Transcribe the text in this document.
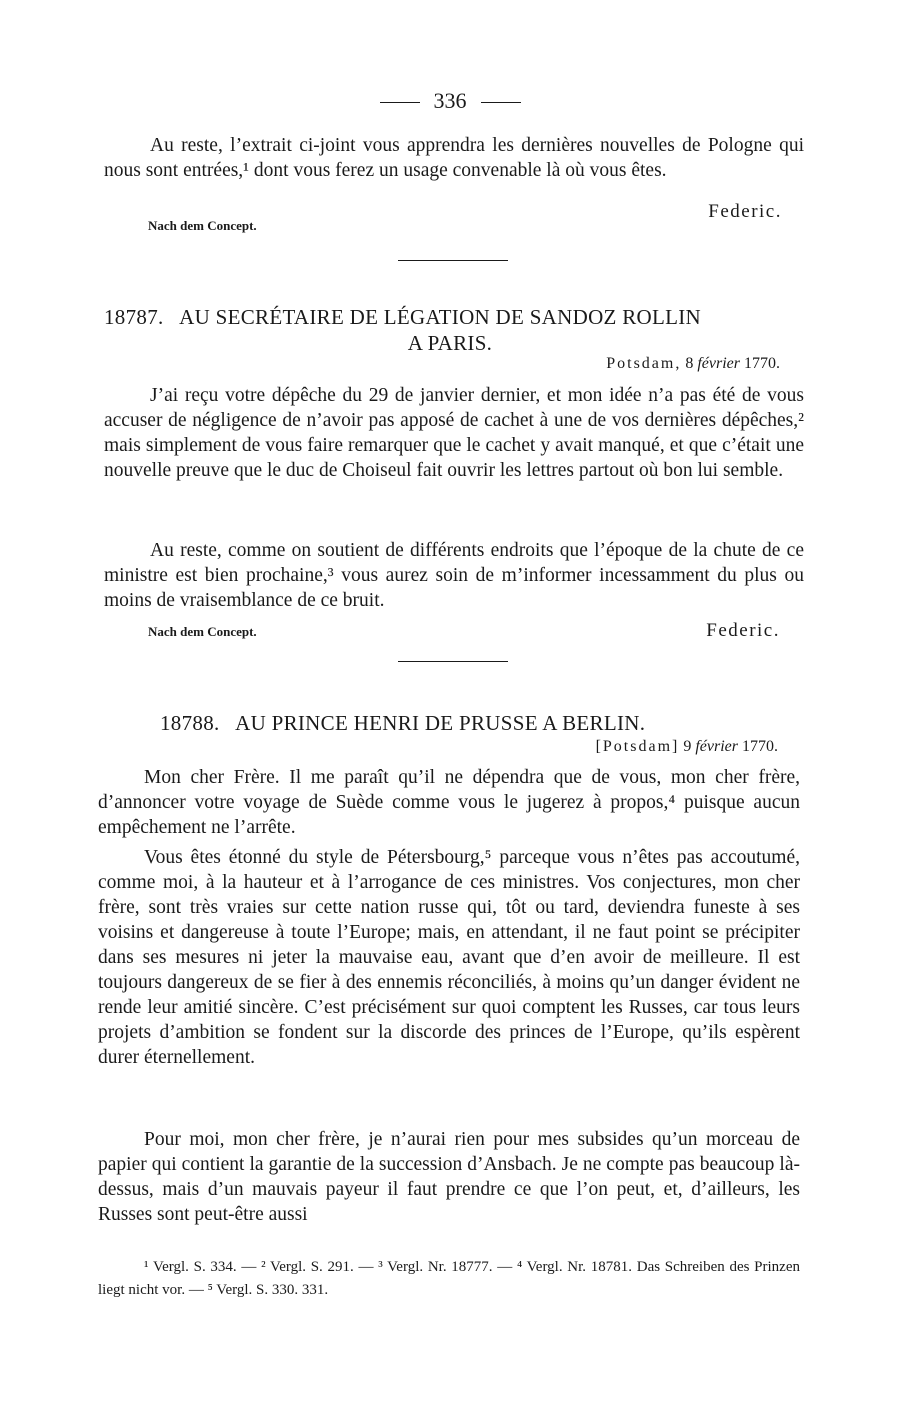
336

Au reste, l’extrait ci-joint vous apprendra les dernières nouvelles de Pologne qui nous sont entrées,¹ dont vous ferez un usage convenable là où vous êtes.

Nach dem Concept.
Federic.
18787. AU SECRÉTAIRE DE LÉGATION DE SANDOZ ROLLIN
A PARIS.
Potsdam, 8 février 1770.

J’ai reçu votre dépêche du 29 de janvier dernier, et mon idée n’a pas été de vous accuser de négligence de n’avoir pas apposé de cachet à une de vos dernières dépêches,² mais simplement de vous faire remarquer que le cachet y avait manqué, et que c’était une nouvelle preuve que le duc de Choiseul fait ouvrir les lettres partout où bon lui semble.

Au reste, comme on soutient de différents endroits que l’époque de la chute de ce ministre est bien prochaine,³ vous aurez soin de m’informer incessamment du plus ou moins de vraisemblance de ce bruit.

Nach dem Concept.	Federic.
18788. AU PRINCE HENRI DE PRUSSE A BERLIN.
[Potsdam] 9 février 1770.

Mon cher Frère. Il me paraît qu’il ne dépendra que de vous, mon cher frère, d’annoncer votre voyage de Suède comme vous le jugerez à propos,⁴ puisque aucun empêchement ne l’arrête.

Vous êtes étonné du style de Pétersbourg,⁵ parceque vous n’êtes pas accoutumé, comme moi, à la hauteur et à l’arrogance de ces ministres. Vos conjectures, mon cher frère, sont très vraies sur cette nation russe qui, tôt ou tard, deviendra funeste à ses voisins et dangereuse à toute l’Europe; mais, en attendant, il ne faut point se précipiter dans ses mesures ni jeter la mauvaise eau, avant que d’en avoir de meilleure. Il est toujours dangereux de se fier à des ennemis réconciliés, à moins qu’un danger évident ne rende leur amitié sincère. C’est précisément sur quoi comptent les Russes, car tous leurs projets d’ambition se fondent sur la discorde des princes de l’Europe, qu’ils espèrent durer éternellement.

Pour moi, mon cher frère, je n’aurai rien pour mes subsides qu’un morceau de papier qui contient la garantie de la succession d’Ansbach. Je ne compte pas beaucoup là-dessus, mais d’un mauvais payeur il faut prendre ce que l’on peut, et, d’ailleurs, les Russes sont peut-être aussi

¹ Vergl. S. 334. — ² Vergl. S. 291. — ³ Vergl. Nr. 18777. — ⁴ Vergl. Nr. 18781. Das Schreiben des Prinzen liegt nicht vor. — ⁵ Vergl. S. 330. 331.
